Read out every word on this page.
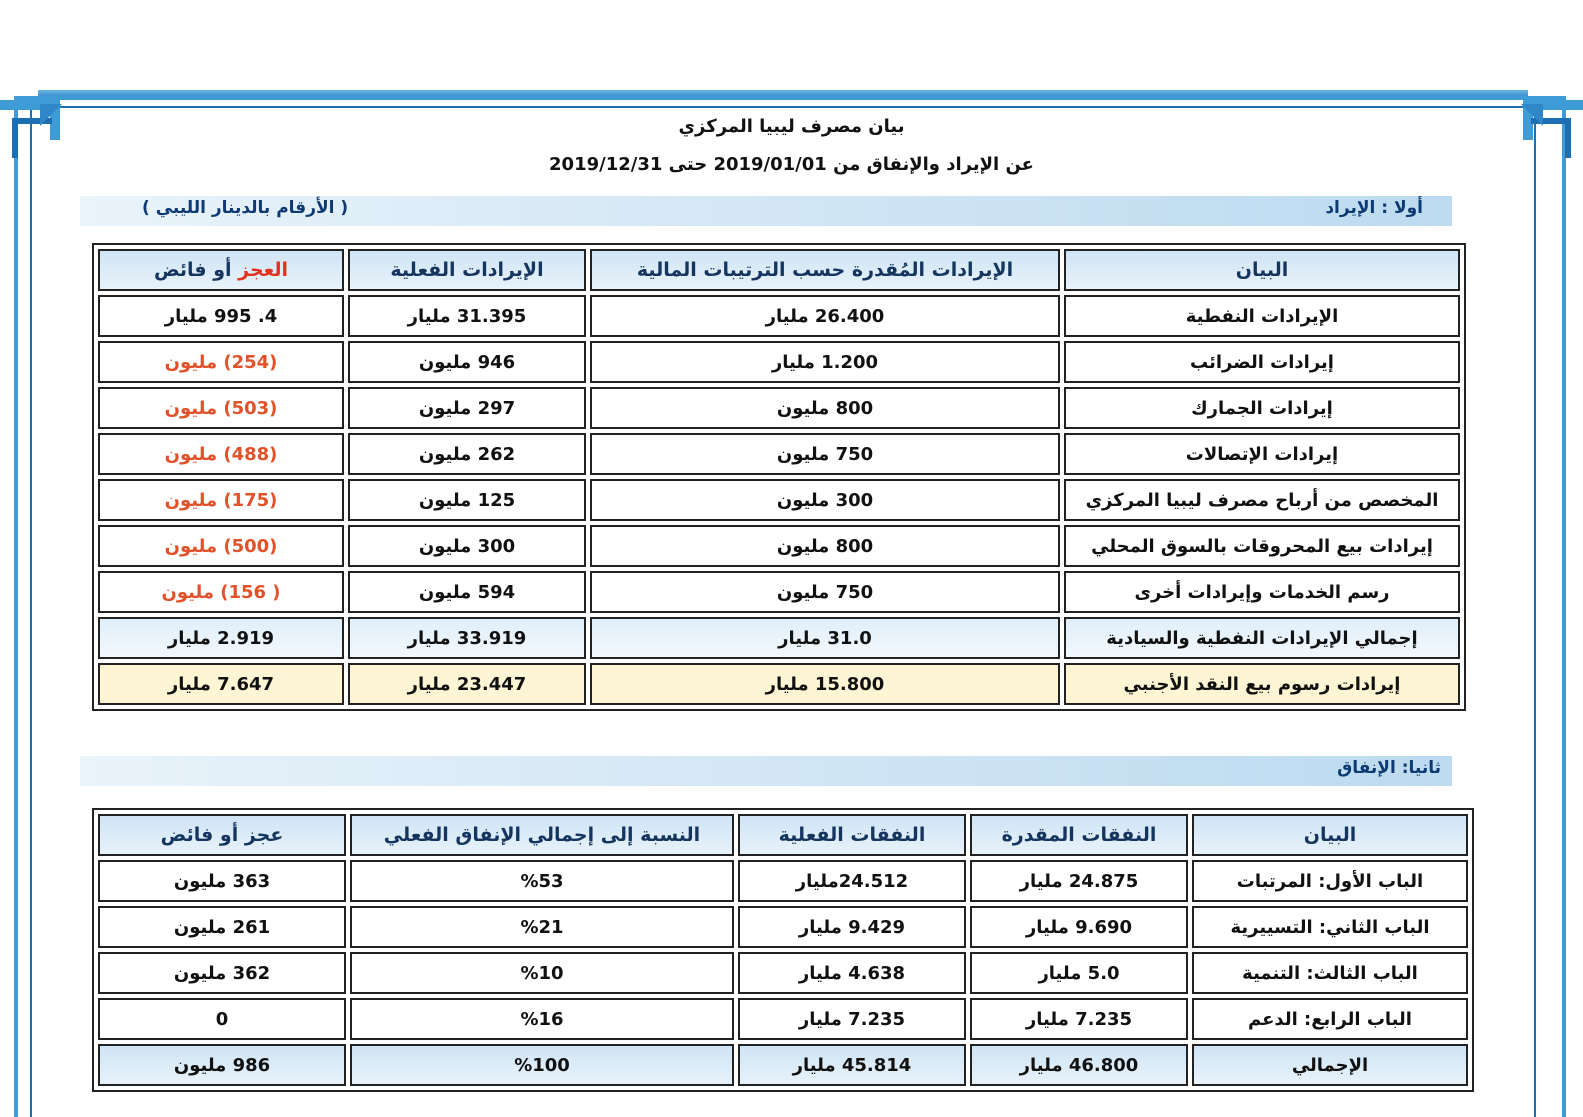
بيان مصرف ليبيا المركزي
عن الإيراد والإنفاق من 2019/01/01 حتى 2019/12/31
أولا : الإيراد
( الأرقام بالدينار الليبي )
البيان	الإيرادات المُقدرة حسب الترتيبات المالية	الإيرادات الفعلية	العجز أو فائض
الإيرادات النفطية	26.400 مليار	31.395 مليار	4. 995 مليار
إيرادات الضرائب	1.200 مليار	946 مليون	(254) مليون
إيرادات الجمارك	800 مليون	297 مليون	(503) مليون
إيرادات الإتصالات	750 مليون	262 مليون	(488) مليون
المخصص من أرباح مصرف ليبيا المركزي	300 مليون	125 مليون	(175) مليون
إيرادات بيع المحروقات بالسوق المحلي	800 مليون	300 مليون	(500) مليون
رسم الخدمات وإيرادات أخرى	750 مليون	594 مليون	( 156) مليون
إجمالي الإيرادات النفطية والسيادية	31.0 مليار	33.919 مليار	2.919 مليار
إيرادات رسوم بيع النقد الأجنبي	15.800 مليار	23.447 مليار	7.647 مليار
ثانيا: الإنفاق
البيان	النفقات المقدرة	النفقات الفعلية	النسبة إلى إجمالي الإنفاق الفعلي	عجز أو فائض
الباب الأول: المرتبات	24.875 مليار	24.512مليار	%53	363 مليون
الباب الثاني: التسييرية	9.690 مليار	9.429 مليار	%21	261 مليون
الباب الثالث: التنمية	5.0 مليار	4.638 مليار	%10	362 مليون
الباب الرابع: الدعم	7.235 مليار	7.235 مليار	%16	0
الإجمالي	46.800 مليار	45.814 مليار	%100	986 مليون
